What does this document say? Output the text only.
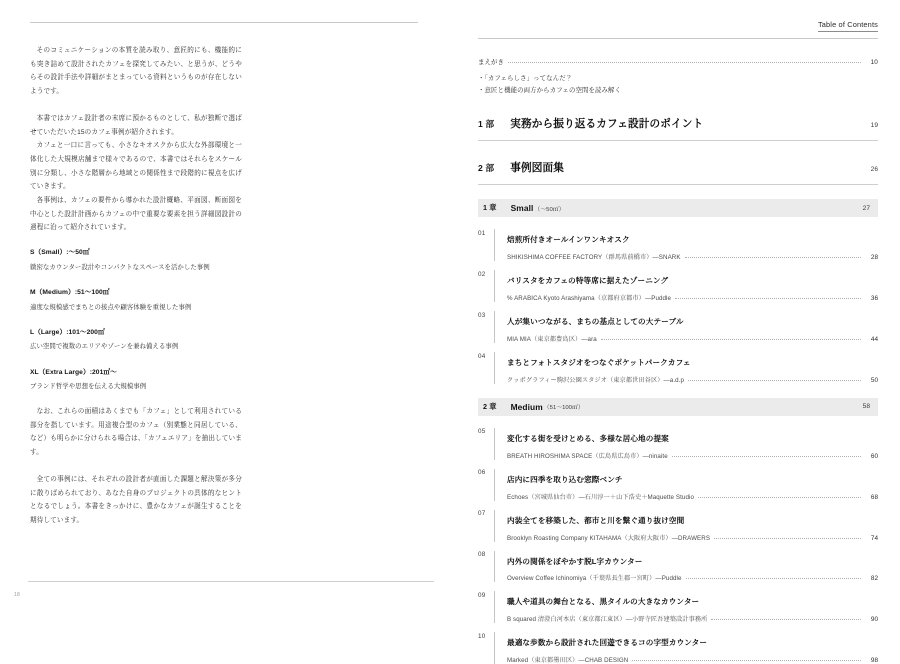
そのコミュニケーションの本質を読み取り、意匠的にも、機能的にも突き詰めて設計されたカフェを探究してみたい、と思うが、どうやらその設計手法や詳細がまとまっている資料というものが存在しないようです。

本書ではカフェ設計者の末席に預かるものとして、私が独断で選ばせていただいた15のカフェ事例が紹介されます。

カフェと一口に言っても、小さなキオスクから広大な外部環境と一体化した大規模店舗まで様々であるので、本書ではそれらをスケール別に分類し、小さな階層から地域との関係性まで段階的に視点を広げていきます。

各事例は、カフェの要件から導かれた設計概略、平面図、断面図を中心とした設計計画からカフェの中で重要な要素を担う詳細図設計の過程に沿って紹介されています。

S（Small）:〜50㎡

緻密なカウンター設計やコンパクトなスペースを活かした事例

M（Medium）:51〜100㎡

適度な規模感でまちとの接点や顧客体験を重視した事例

L（Large）:101〜200㎡

広い空間で複数のエリアやゾーンを兼ね備える事例

XL（Extra Large）:201㎡〜

ブランド哲学や思想を伝える大規模事例

なお、これらの面積はあくまでも「カフェ」として利用されている部分を指しています。用途複合型のカフェ（別業態と同居している、など）も明らかに分けられる場合は、「カフェエリア」を抽出しています。

全ての事例には、それぞれの設計者が直面した課題と解決策が多分に散りばめられており、あなた自身のプロジェクトの具体的なヒントとなるでしょう。本書をきっかけに、豊かなカフェが誕生することを期待しています。

18
Table of Contents
まえがき	10
・「カフェらしさ」ってなんだ？
・意匠と機能の両方からカフェの空間を読み解く
1 部 実務から振り返るカフェ設計のポイント	19
2 部 事例図面集	26
1 章 Small （〜50㎡）	27
01
焙煎所付きオールインワンキオスク
SHIKISHIMA COFFEE FACTORY（群馬県前橋市）—SNARK	28
02
バリスタをカフェの特等席に据えたゾーニング
% ARABICA Kyoto Arashiyama（京都府京都市）—Puddle	36
03
人が集いつながる、まちの基点としての大テーブル
MIA MIA（東京都豊島区）—ara	44
04
まちとフォトスタジオをつなぐポケットパークカフェ
クッポグラフィー駒沢公園スタジオ（東京都世田谷区）—a.d.p	50
2 章 Medium （51〜100㎡）	58
05
変化する街を受けとめる、多様な居心地の提案
BREATH HIROSHIMA SPACE（広島県広島市）—ninaite	60
06
店内に四季を取り込む窓際ベンチ
Echoes（宮城県仙台市）—石川淳一＋山下浩史＋Maquette Studio	68
07
内装全てを移築した、都市と川を繋ぐ通り抜け空間
Brooklyn Roasting Company KITAHAMA（大阪府大阪市）—DRAWERS	74
08
内外の関係をぼやかす脱L字カウンター
Overview Coffee Ichinomiya（千葉県長生郡一宮町）—Puddle	82
09
職人や道具の舞台となる、黒タイルの大きなカウンター
B squared 清澄白河本店（東京都江東区）—小野寺匠吾建築設計事務所	90
10
最適な歩数から設計された回遊できるコの字型カウンター
Marked（東京都墨田区）—CHAB DESIGN	98
